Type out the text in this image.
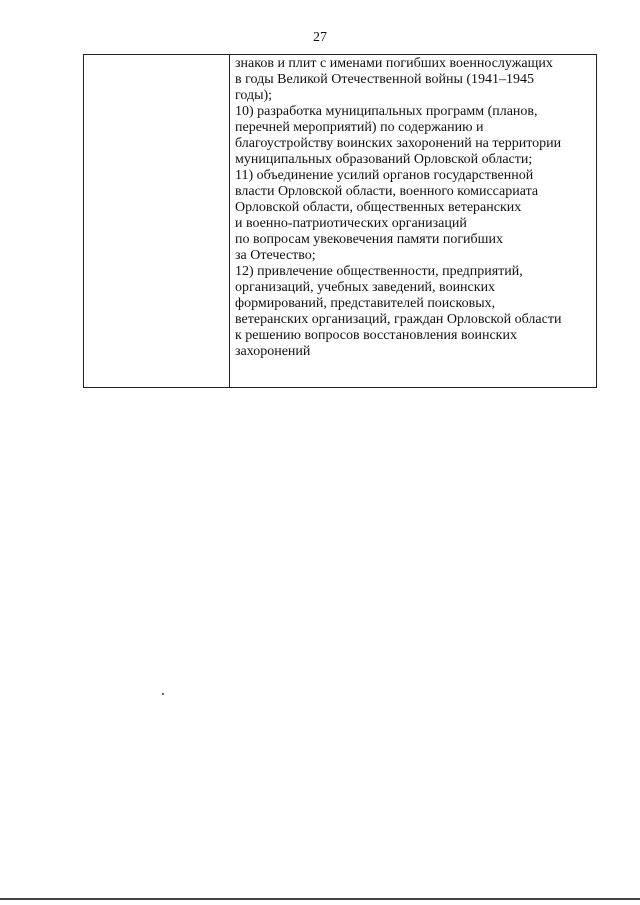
27
знаков и плит с именами погибших военнослужащих
в годы Великой Отечественной войны (1941–1945
годы);
10) разработка муниципальных программ (планов,
перечней мероприятий) по содержанию и
благоустройству воинских захоронений на территории
муниципальных образований Орловской области;
11) объединение усилий органов государственной
власти Орловской области, военного комиссариата
Орловской области, общественных ветеранских
и военно-патриотических организаций
по вопросам увековечения памяти погибших
за Отечество;
12) привлечение общественности, предприятий,
организаций, учебных заведений, воинских
формирований, представителей поисковых,
ветеранских организаций, граждан Орловской области
к решению вопросов восстановления воинских
захоронений
